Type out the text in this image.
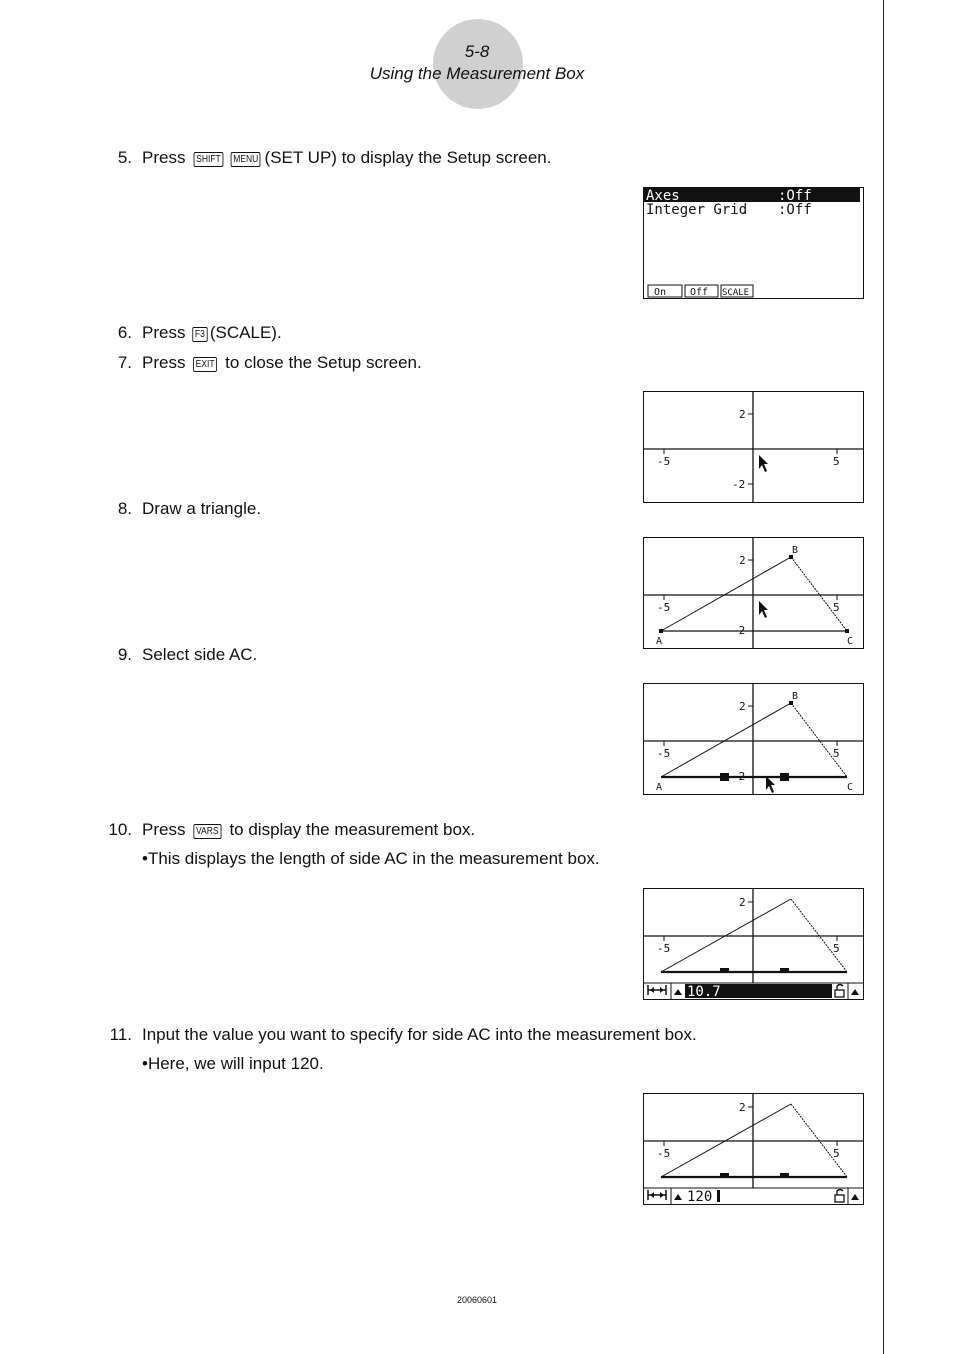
5-8
Using the Measurement Box
5. Press SHIFT MENU (SET UP) to display the Setup screen.
Axes	:Off
Integer Grid :Off
On Off SCALE
6. Press F3 (SCALE).
7. Press EXIT to close the Setup screen.
2
-2
-5	5
8. Draw a triangle.
2
-2
-5	5
A
B
C
9. Select side AC.
2
-2
-5	5
A
B
C
10. Press VARS to display the measurement box.
•This displays the length of side AC in the measurement box.
2
-5	5
10.7
11. Input the value you want to specify for side AC into the measurement box.
•Here, we will input 120.
2
-5	5
120
20060601
